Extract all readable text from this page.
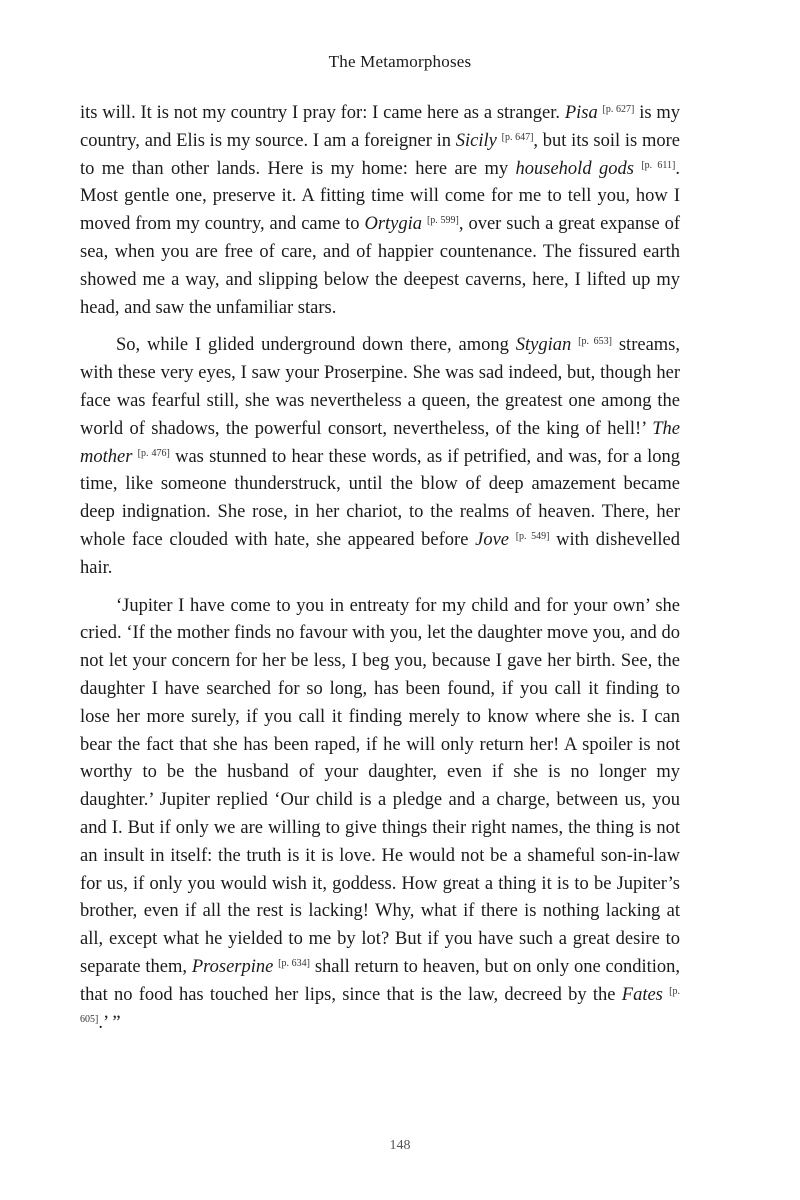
The Metamorphoses

its will. It is not my country I pray for: I came here as a stranger. Pisa [p. 627] is my country, and Elis is my source. I am a foreigner in Sicily [p. 647], but its soil is more to me than other lands. Here is my home: here are my household gods [p. 611]. Most gentle one, preserve it. A fitting time will come for me to tell you, how I moved from my country, and came to Ortygia [p. 599], over such a great expanse of sea, when you are free of care, and of happier countenance. The fissured earth showed me a way, and slipping below the deepest caverns, here, I lifted up my head, and saw the unfamiliar stars.

So, while I glided underground down there, among Stygian [p. 653] streams, with these very eyes, I saw your Proserpine. She was sad indeed, but, though her face was fearful still, she was nevertheless a queen, the greatest one among the world of shadows, the powerful consort, nevertheless, of the king of hell!’ The mother [p. 476] was stunned to hear these words, as if petrified, and was, for a long time, like someone thunderstruck, until the blow of deep amazement became deep indignation. She rose, in her chariot, to the realms of heaven. There, her whole face clouded with hate, she appeared before Jove [p. 549] with dishevelled hair.

‘Jupiter I have come to you in entreaty for my child and for your own’ she cried. ‘If the mother finds no favour with you, let the daughter move you, and do not let your concern for her be less, I beg you, because I gave her birth. See, the daughter I have searched for so long, has been found, if you call it finding to lose her more surely, if you call it finding merely to know where she is. I can bear the fact that she has been raped, if he will only return her! A spoiler is not worthy to be the husband of your daughter, even if she is no longer my daughter.’ Jupiter replied ‘Our child is a pledge and a charge, between us, you and I. But if only we are willing to give things their right names, the thing is not an insult in itself: the truth is it is love. He would not be a shameful son-in-law for us, if only you would wish it, goddess. How great a thing it is to be Jupiter’s brother, even if all the rest is lacking! Why, what if there is nothing lacking at all, except what he yielded to me by lot? But if you have such a great desire to separate them, Proserpine [p. 634] shall return to heaven, but on only one condition, that no food has touched her lips, since that is the law, decreed by the Fates [p. 605].’ ”

148
